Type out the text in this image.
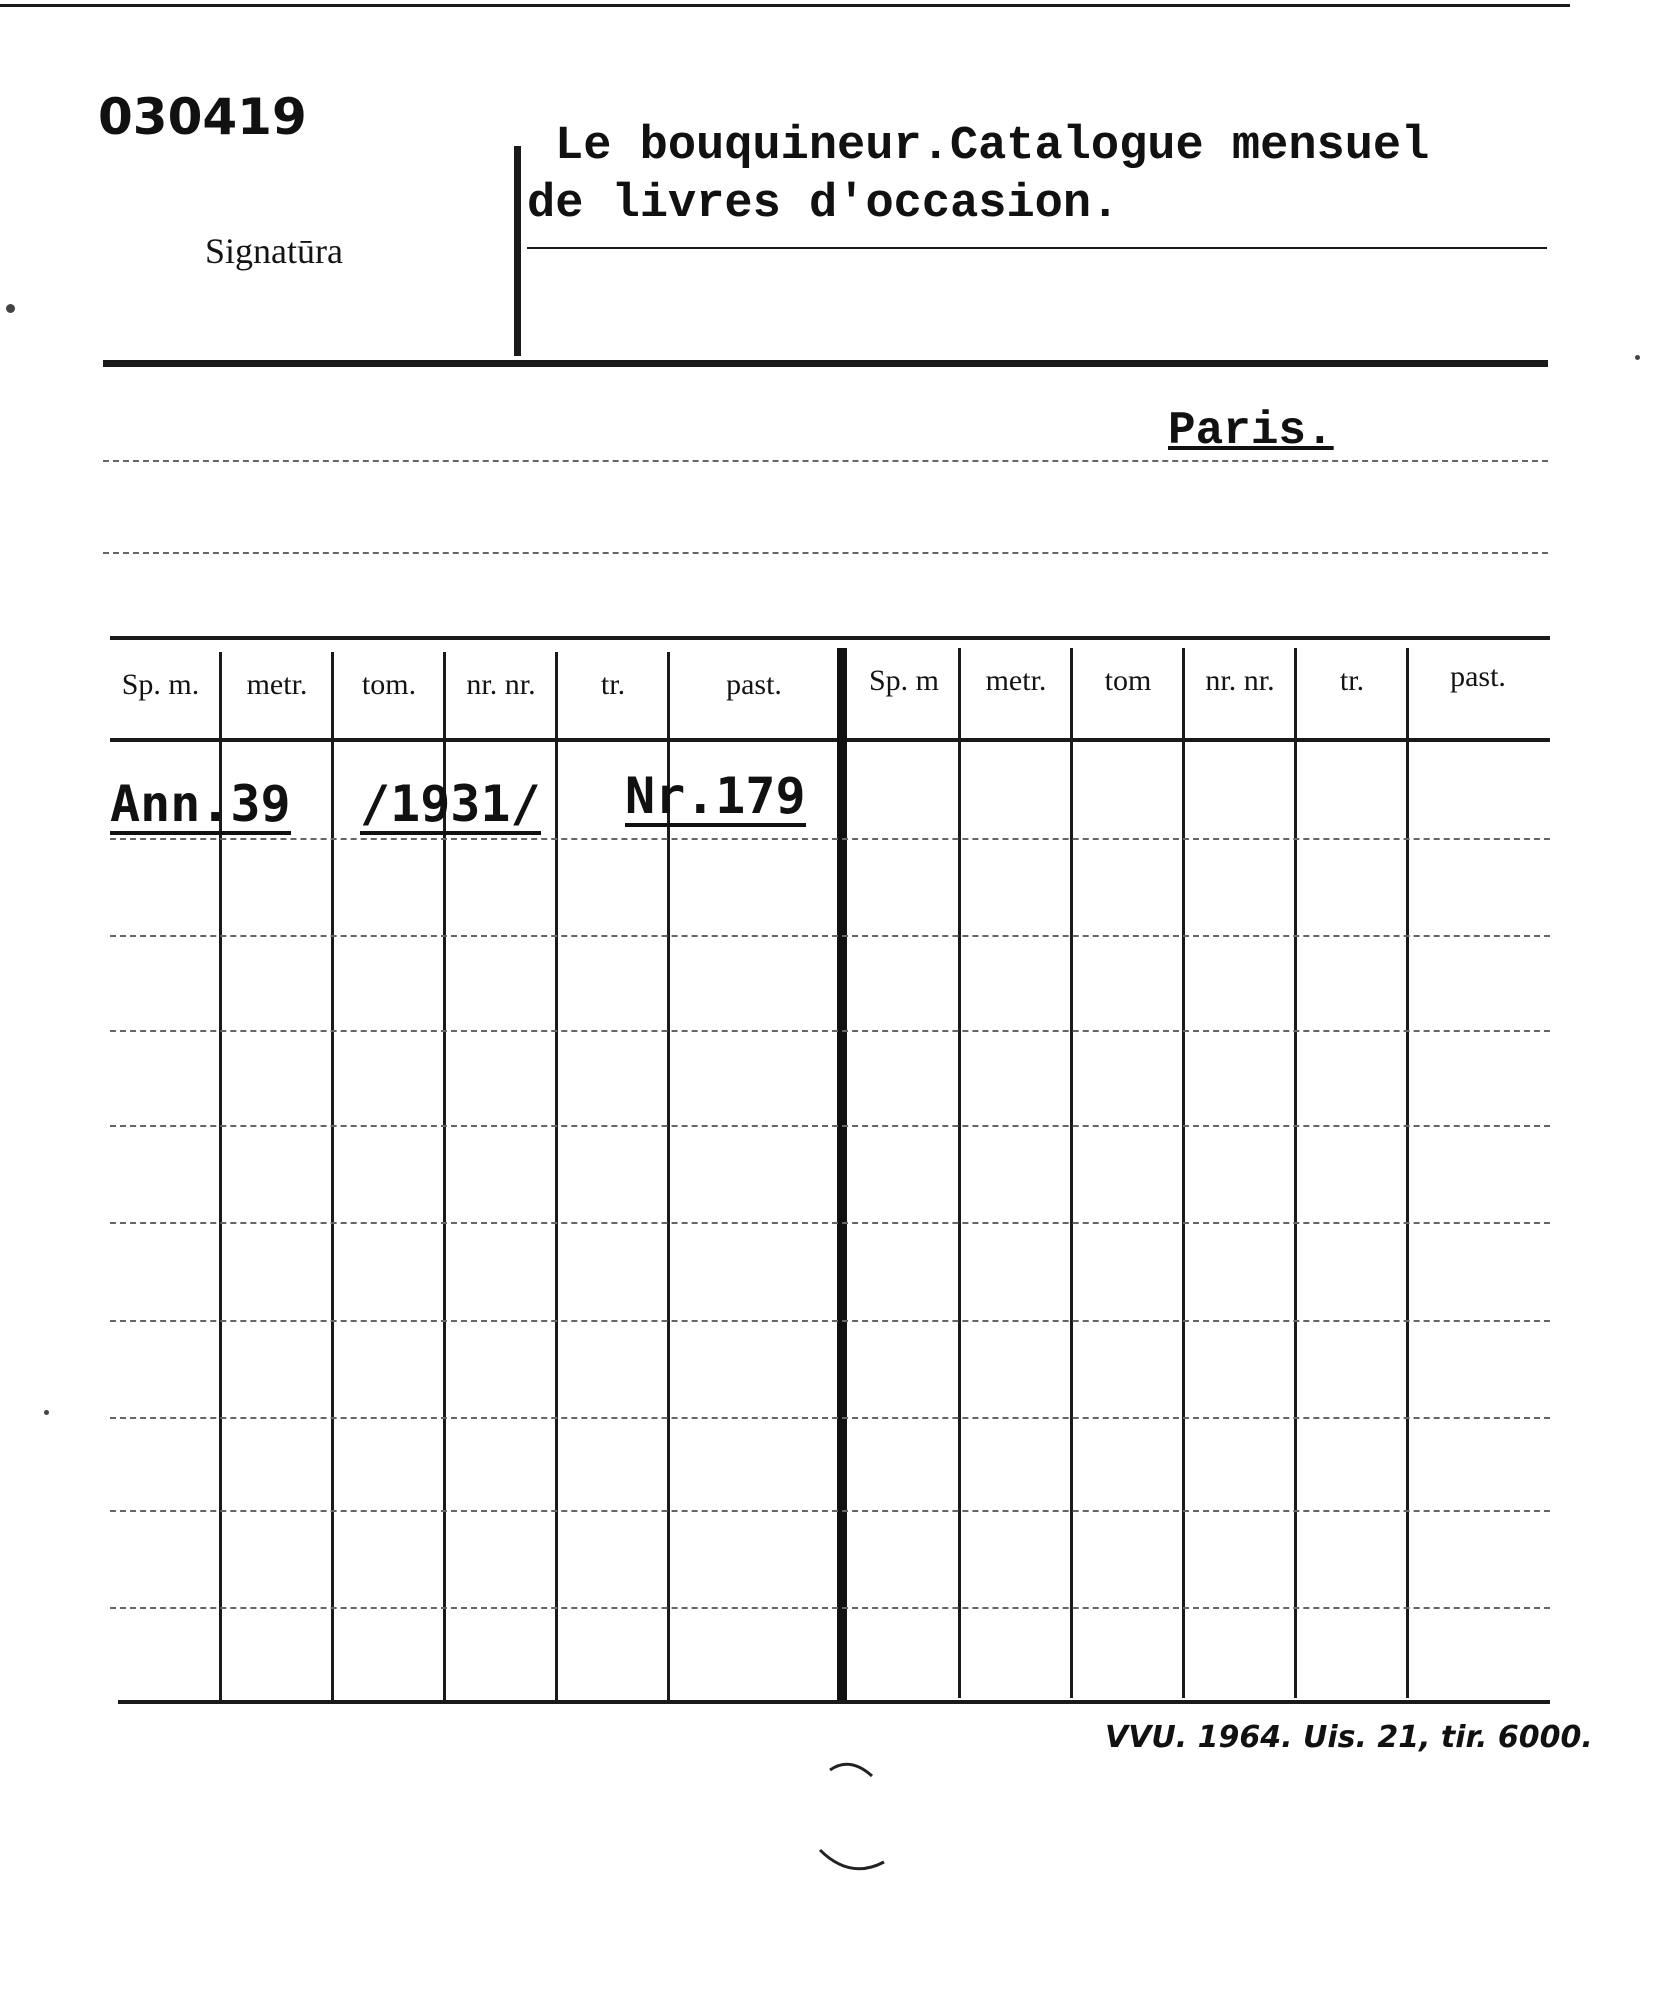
030419
Signatūra
Le bouquineur.Catalogue mensuel
de livres d'occasion.
Paris.
Sp. m.	metr.	tom.	nr. nr.	tr.	past.	Sp. m	metr.	tom	nr. nr.	tr.	past.
Ann.39 /1931/ Nr.179
VVU. 1964. Uis. 21, tir. 6000.
